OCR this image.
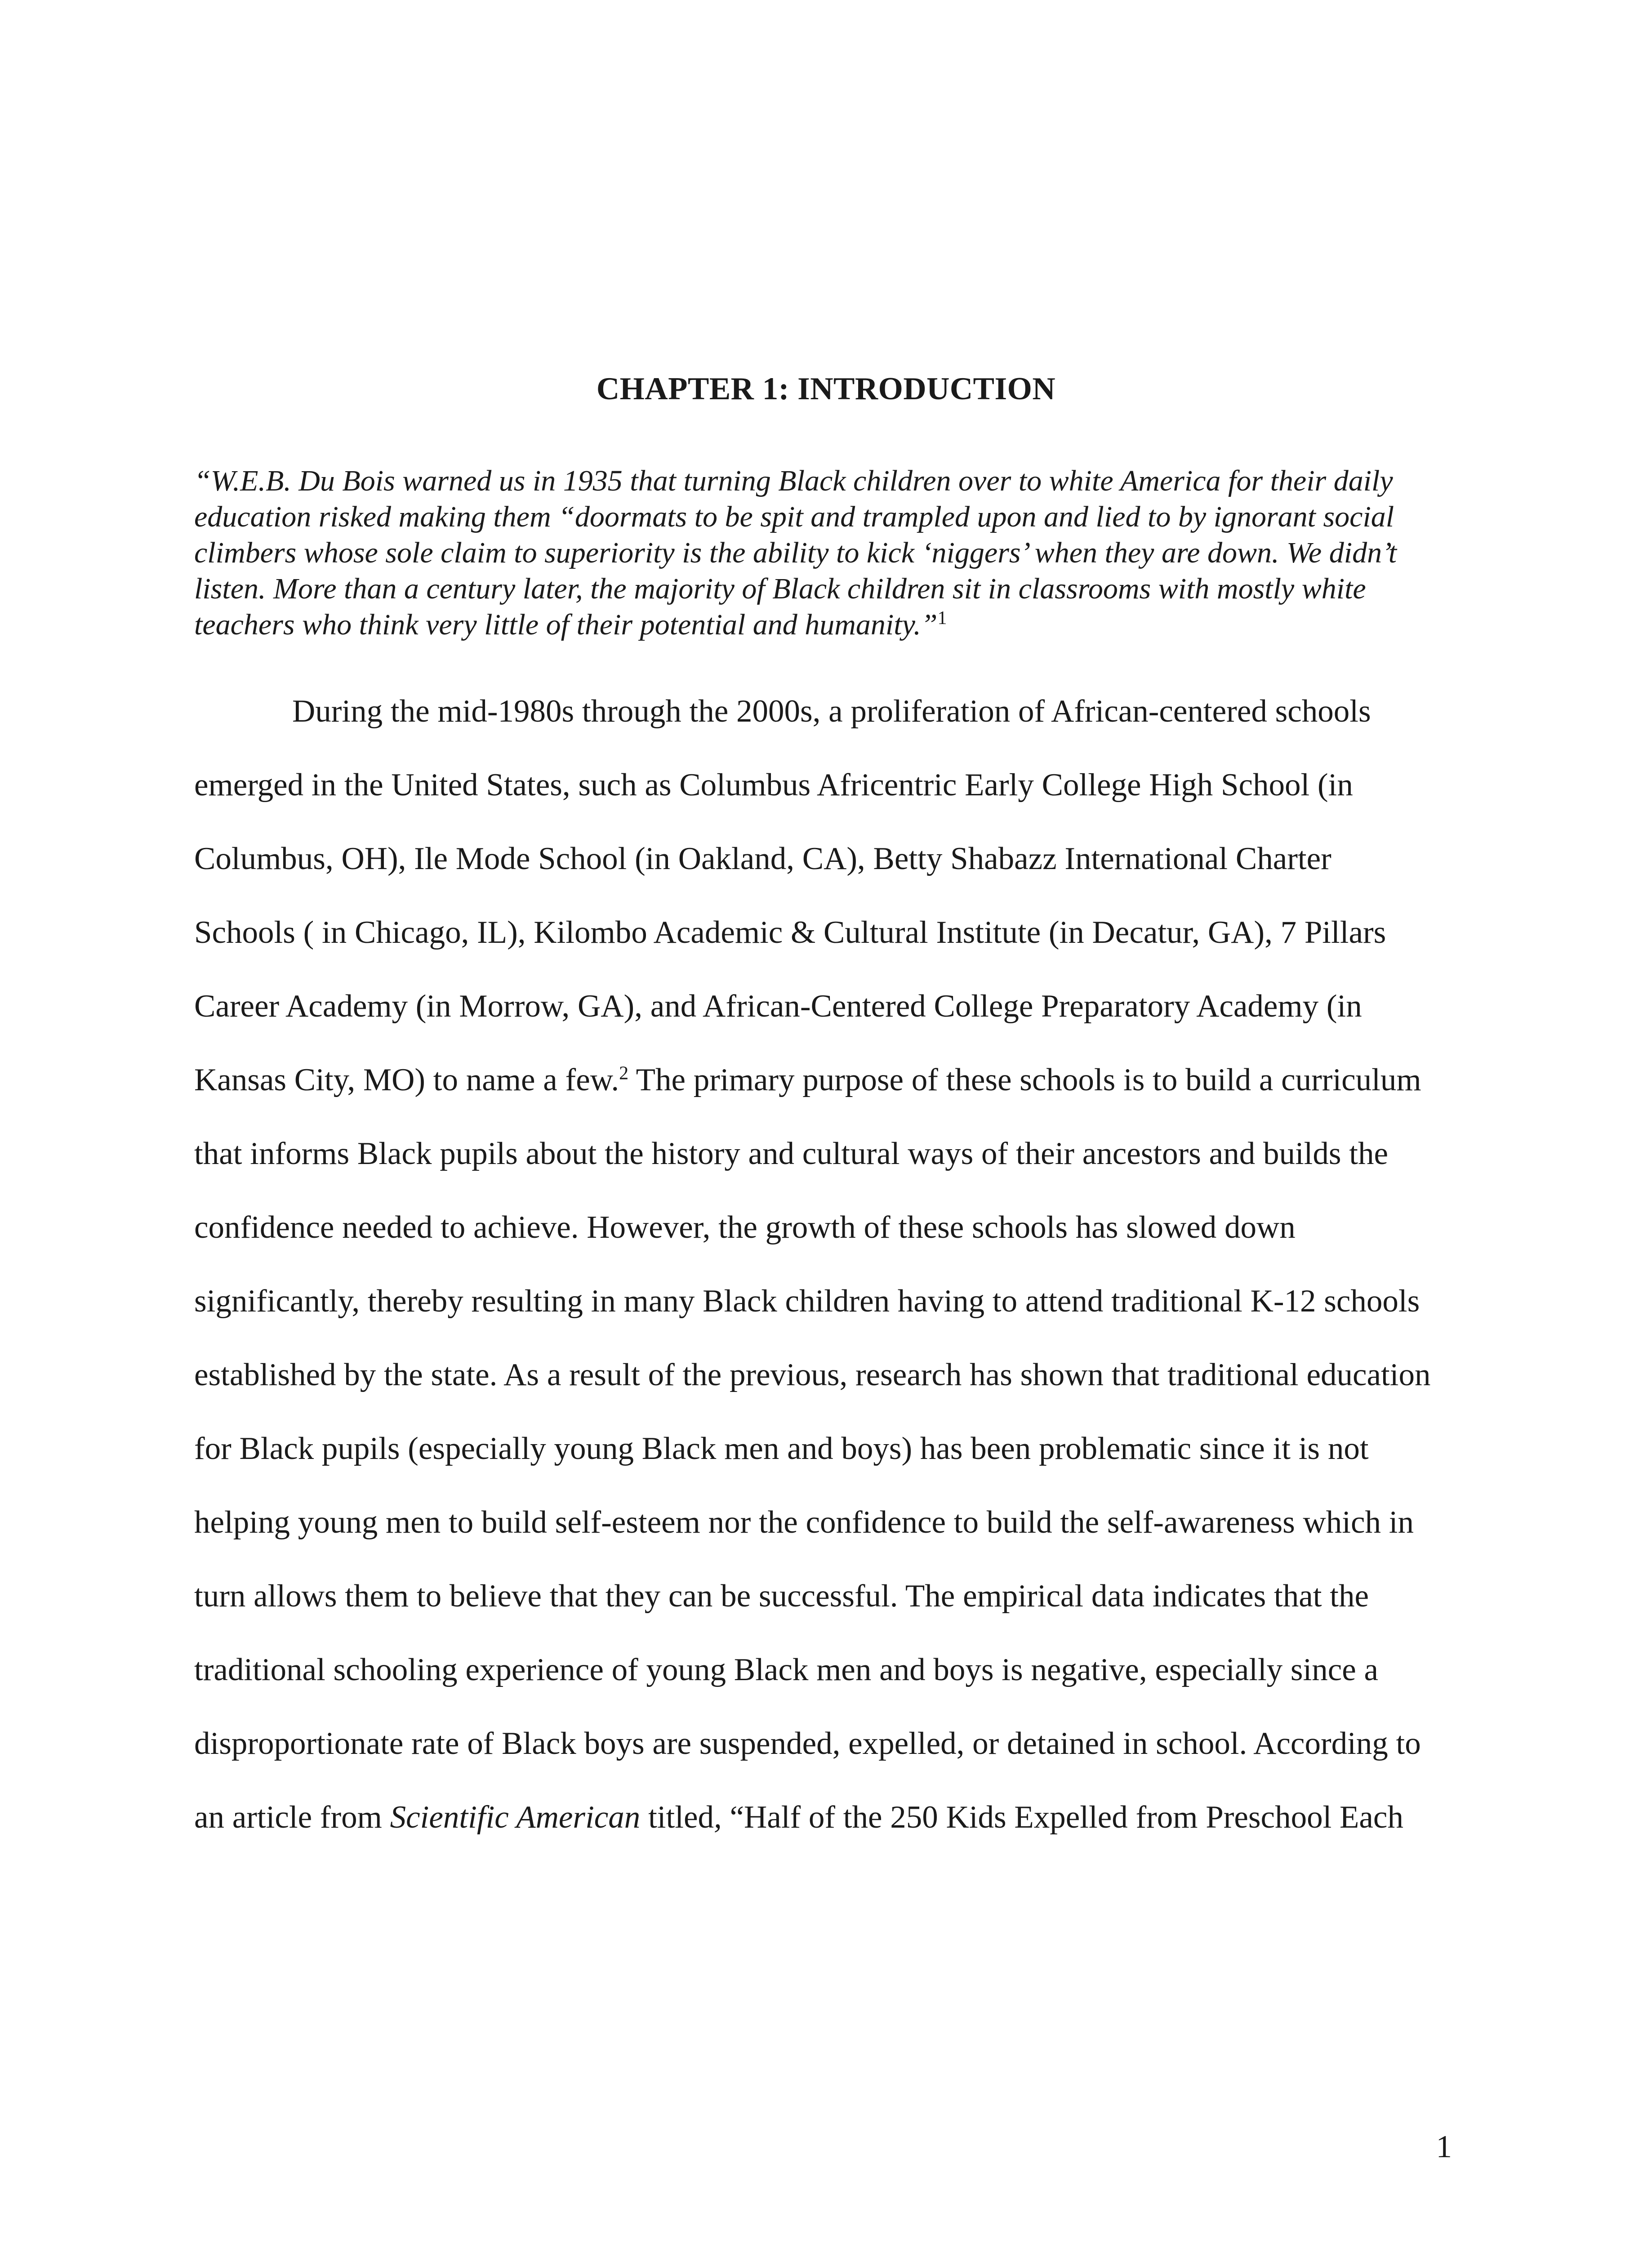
CHAPTER 1: INTRODUCTION

“W.E.B. Du Bois warned us in 1935 that turning Black children over to white America for their daily
education risked making them “doormats to be spit and trampled upon and lied to by ignorant social
climbers whose sole claim to superiority is the ability to kick ‘niggers’ when they are down. We didn’t
listen. More than a century later, the majority of Black children sit in classrooms with mostly white
teachers who think very little of their potential and humanity.”$^1$

During the mid-1980s through the 2000s, a proliferation of African-centered schools
emerged in the United States, such as Columbus Africentric Early College High School (in
Columbus, OH), Ile Mode School (in Oakland, CA), Betty Shabazz International Charter
Schools ( in Chicago, IL), Kilombo Academic & Cultural Institute (in Decatur, GA), 7 Pillars
Career Academy (in Morrow, GA), and African-Centered College Preparatory Academy (in
Kansas City, MO) to name a few.$^2$ The primary purpose of these schools is to build a curriculum
that informs Black pupils about the history and cultural ways of their ancestors and builds the
confidence needed to achieve. However, the growth of these schools has slowed down
significantly, thereby resulting in many Black children having to attend traditional K-12 schools
established by the state. As a result of the previous, research has shown that traditional education
for Black pupils (especially young Black men and boys) has been problematic since it is not
helping young men to build self-esteem nor the confidence to build the self-awareness which in
turn allows them to believe that they can be successful. The empirical data indicates that the
traditional schooling experience of young Black men and boys is negative, especially since a
disproportionate rate of Black boys are suspended, expelled, or detained in school. According to
an article from Scientific American titled, “Half of the 250 Kids Expelled from Preschool Each

1
